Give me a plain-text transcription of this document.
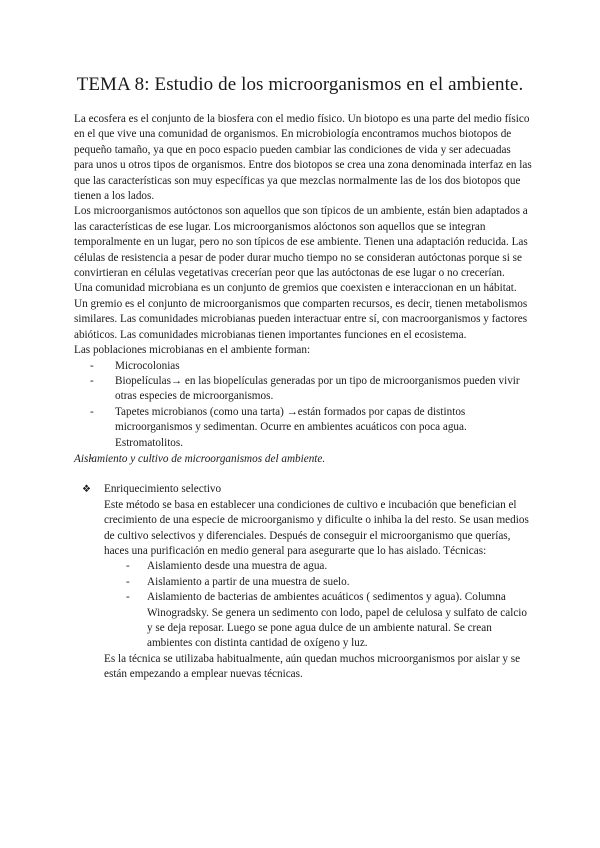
TEMA 8: Estudio de los microorganismos en el ambiente.

La ecosfera es el conjunto de la biosfera con el medio físico. Un biotopo es una parte del medio físico en el que vive una comunidad de organismos. En microbiología encontramos muchos biotopos de pequeño tamaño, ya que en poco espacio pueden cambiar las condiciones de vida y ser adecuadas para unos u otros tipos de organismos. Entre dos biotopos se crea una zona denominada interfaz en las que las características son muy específicas ya que mezclas normalmente las de los dos biotopos que tienen a los lados.

Los microorganismos autóctonos son aquellos que son típicos de un ambiente, están bien adaptados a las características de ese lugar. Los microorganismos alóctonos son aquellos que se integran temporalmente en un lugar, pero no son típicos de ese ambiente. Tienen una adaptación reducida. Las células de resistencia a pesar de poder durar mucho tiempo no se consideran autóctonas porque si se convirtieran en células vegetativas crecerían peor que las autóctonas de ese lugar o no crecerían.

Una comunidad microbiana es un conjunto de gremios que coexisten e interaccionan en un hábitat. Un gremio es el conjunto de microorganismos que comparten recursos, es decir, tienen metabolismos similares. Las comunidades microbianas pueden interactuar entre sí, con macroorganismos y factores abióticos. Las comunidades microbianas tienen importantes funciones en el ecosistema.

Las poblaciones microbianas en el ambiente forman:

- Microcolonias
- Biopelículas→ en las biopelículas generadas por un tipo de microorganismos pueden vivir otras especies de microorganismos.
- Tapetes microbianos (como una tarta) →están formados por capas de distintos microorganismos y sedimentan. Ocurre en ambientes acuáticos con poca agua. Estromatolitos.

Aislamiento y cultivo de microorganismos del ambiente.

❖ Enriquecimiento selectivo

Este método se basa en establecer una condiciones de cultivo e incubación que benefician el crecimiento de una especie de microorganismo y dificulte o inhiba la del resto. Se usan medios de cultivo selectivos y diferenciales. Después de conseguir el microorganismo que querías, haces una purificación en medio general para asegurarte que lo has aislado. Técnicas:

- Aislamiento desde una muestra de agua.
- Aislamiento a partir de una muestra de suelo.
- Aislamiento de bacterias de ambientes acuáticos ( sedimentos y agua). Columna Winogradsky. Se genera un sedimento con lodo, papel de celulosa y sulfato de calcio y se deja reposar. Luego se pone agua dulce de un ambiente natural. Se crean ambientes con distinta cantidad de oxígeno y luz.

Es la técnica se utilizaba habitualmente, aún quedan muchos microorganismos por aislar y se están empezando a emplear nuevas técnicas.
